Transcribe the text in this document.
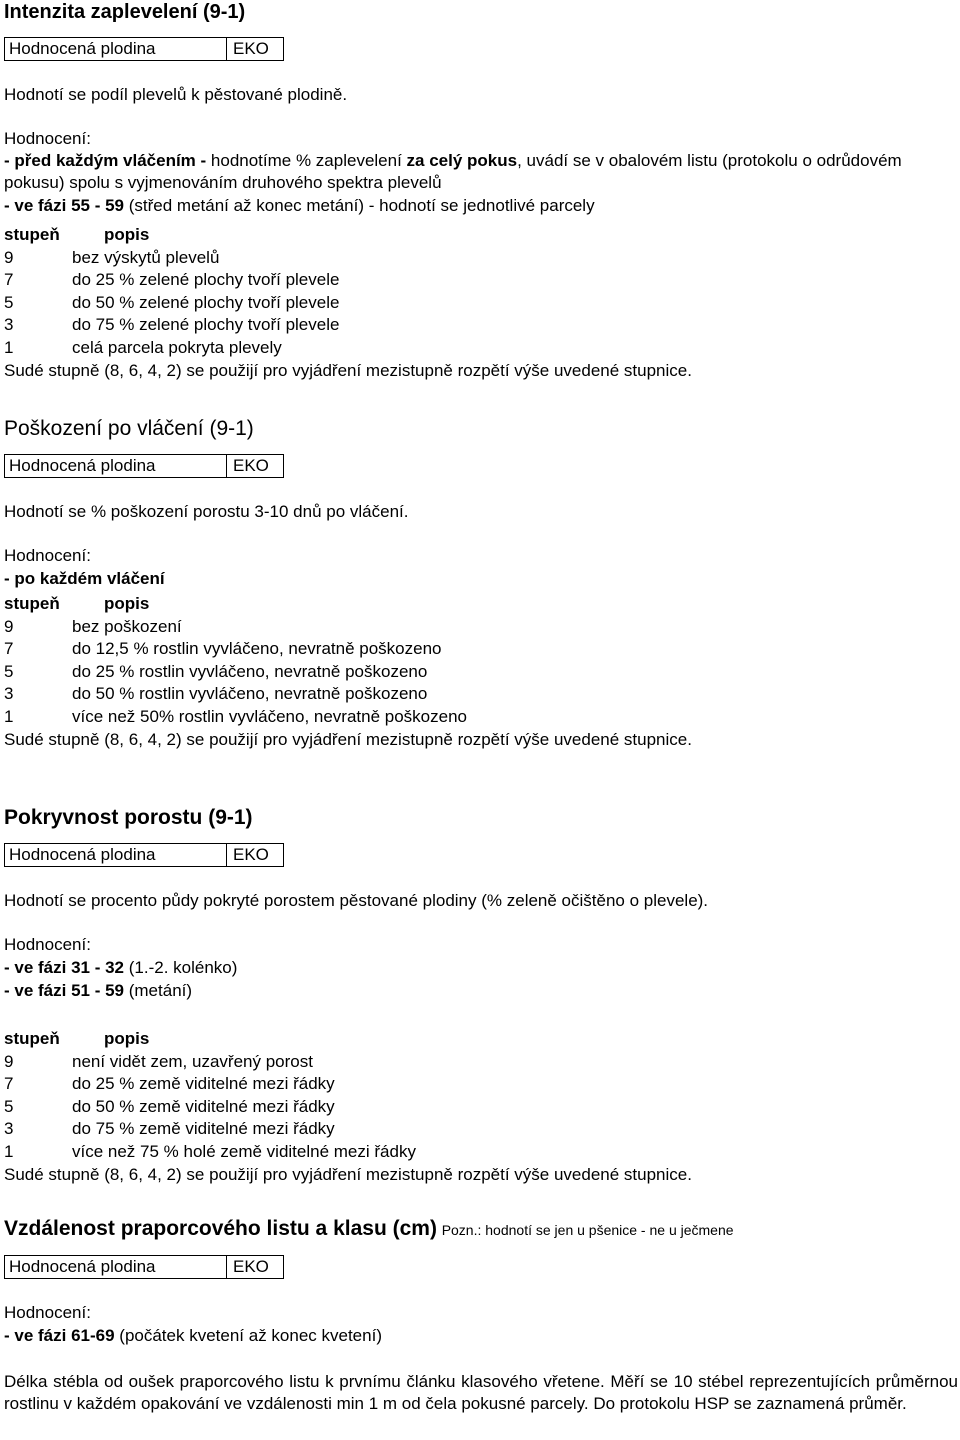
Intenzita zaplevelení (9-1)
Hodnocená plodina	EKO
Hodnotí se podíl plevelů k pěstované plodině.
Hodnocení:
- před každým vláčením - hodnotíme % zaplevelení za celý pokus, uvádí se v obalovém listu (protokolu o odrůdovém pokusu) spolu s vyjmenováním druhového spektra plevelů
- ve fázi 55 - 59 (střed metání až konec metání) - hodnotí se jednotlivé parcely
stupeň	popis
9	bez výskytů plevelů
7	do 25 % zelené plochy tvoří plevele
5	do 50 % zelené plochy tvoří plevele
3	do 75 % zelené plochy tvoří plevele
1	celá parcela pokryta plevely
Sudé stupně (8, 6, 4, 2) se použijí pro vyjádření mezistupně rozpětí výše uvedené stupnice.
Poškození po vláčení (9-1)
Hodnocená plodina	EKO
Hodnotí se % poškození porostu 3-10 dnů po vláčení.
Hodnocení:
- po každém vláčení
stupeň	popis
9	bez poškození
7	do 12,5 % rostlin vyvláčeno, nevratně poškozeno
5	do 25 % rostlin vyvláčeno, nevratně poškozeno
3	do 50 % rostlin vyvláčeno, nevratně poškozeno
1	více než 50% rostlin vyvláčeno, nevratně poškozeno
Sudé stupně (8, 6, 4, 2) se použijí pro vyjádření mezistupně rozpětí výše uvedené stupnice.
Pokryvnost porostu (9-1)
Hodnocená plodina	EKO
Hodnotí se procento půdy pokryté porostem pěstované plodiny (% zeleně očištěno o plevele).
Hodnocení:
- ve fázi 31 - 32 (1.-2. kolénko)
- ve fázi 51 - 59 (metání)
stupeň	popis
9	není vidět zem, uzavřený porost
7	do 25 % země viditelné mezi řádky
5	do 50 % země viditelné mezi řádky
3	do 75 % země viditelné mezi řádky
1	více než 75 % holé země viditelné mezi řádky
Sudé stupně (8, 6, 4, 2) se použijí pro vyjádření mezistupně rozpětí výše uvedené stupnice.
Vzdálenost praporcového listu a klasu (cm) Pozn.: hodnotí se jen u pšenice - ne u ječmene
Hodnocená plodina	EKO
Hodnocení:
- ve fázi 61-69 (počátek kvetení až konec kvetení)
Délka stébla od oušek praporcového listu k prvnímu článku klasového vřetene. Měří se 10 stébel reprezentujících průměrnou rostlinu v každém opakování ve vzdálenosti min 1 m od čela pokusné parcely. Do protokolu HSP se zaznamená průměr.
